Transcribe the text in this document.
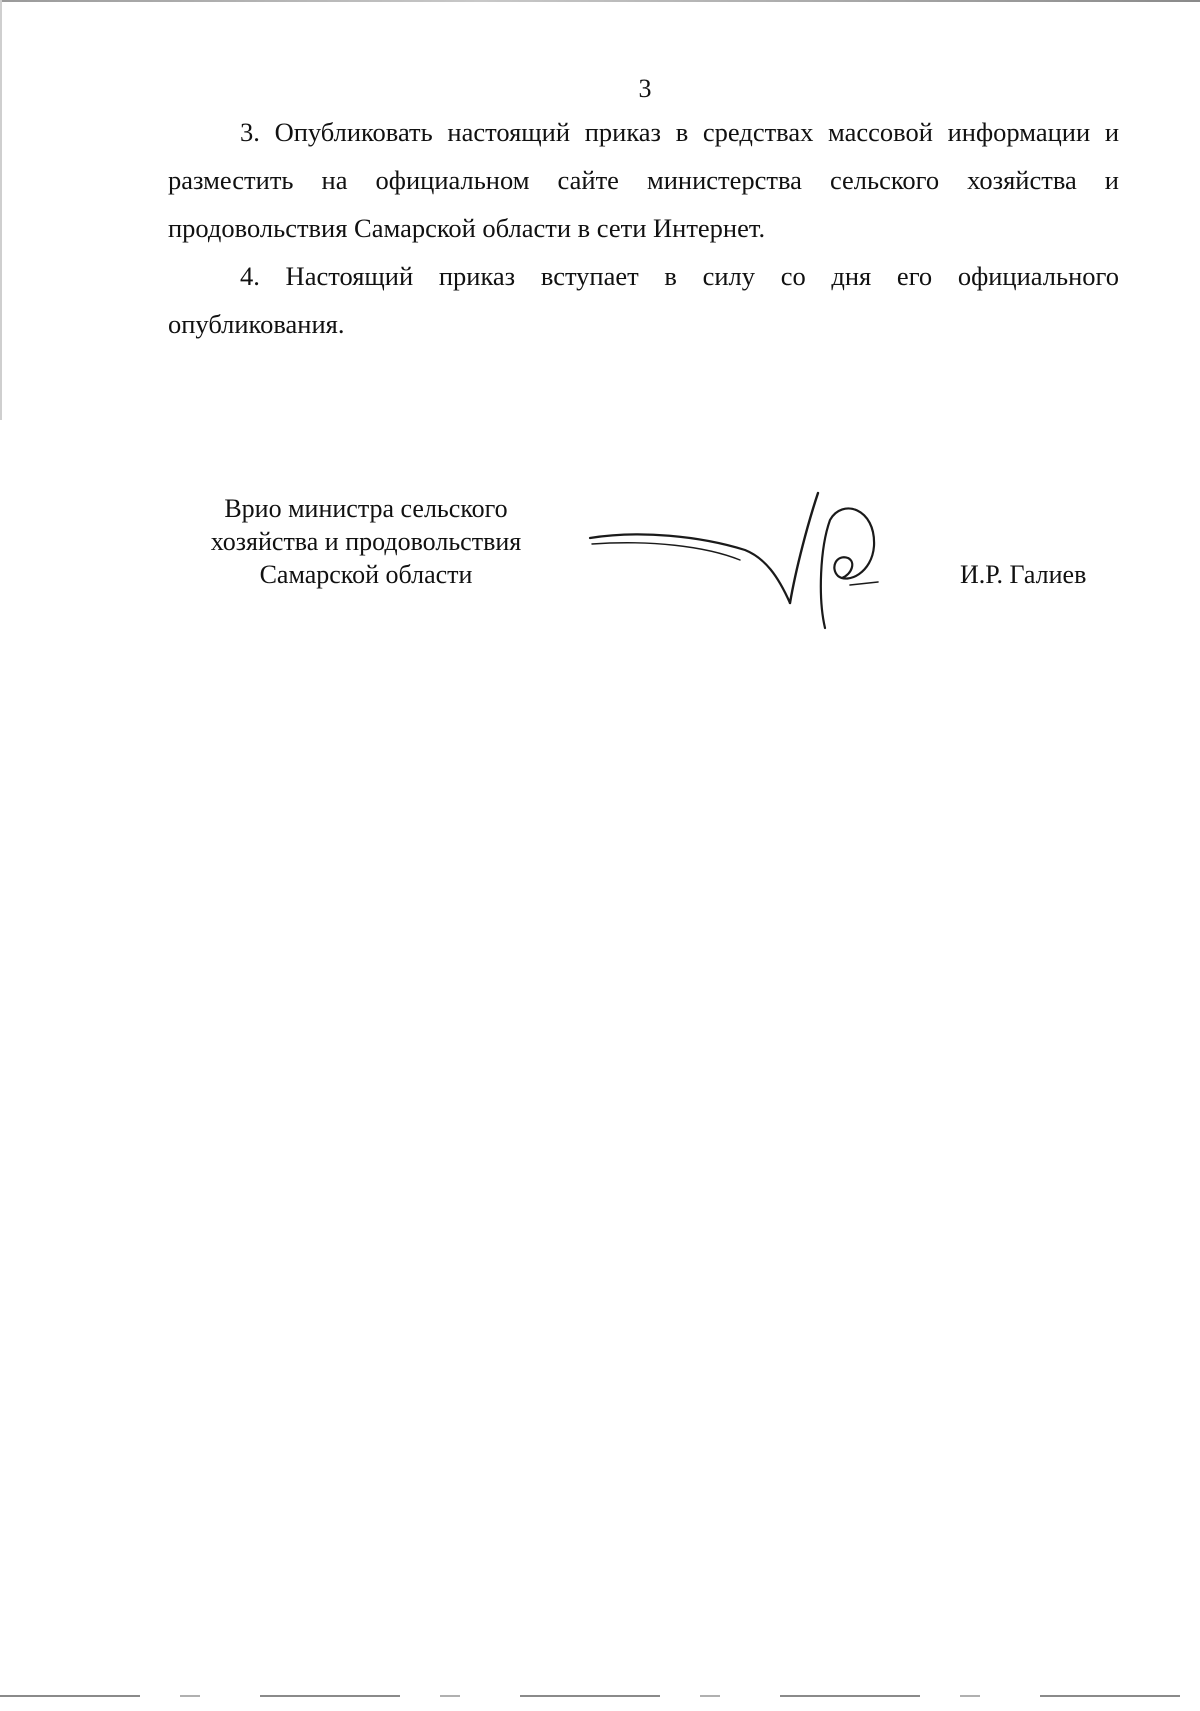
3

3. Опубликовать настоящий приказ в средствах массовой информации и разместить на официальном сайте министерства сельского хозяйства и продовольствия Самарской области в сети Интернет.

4. Настоящий приказ вступает в силу со дня его официального опубликования.

Врио министра сельского
хозяйства и продовольствия
Самарской области	И.Р. Галиев
